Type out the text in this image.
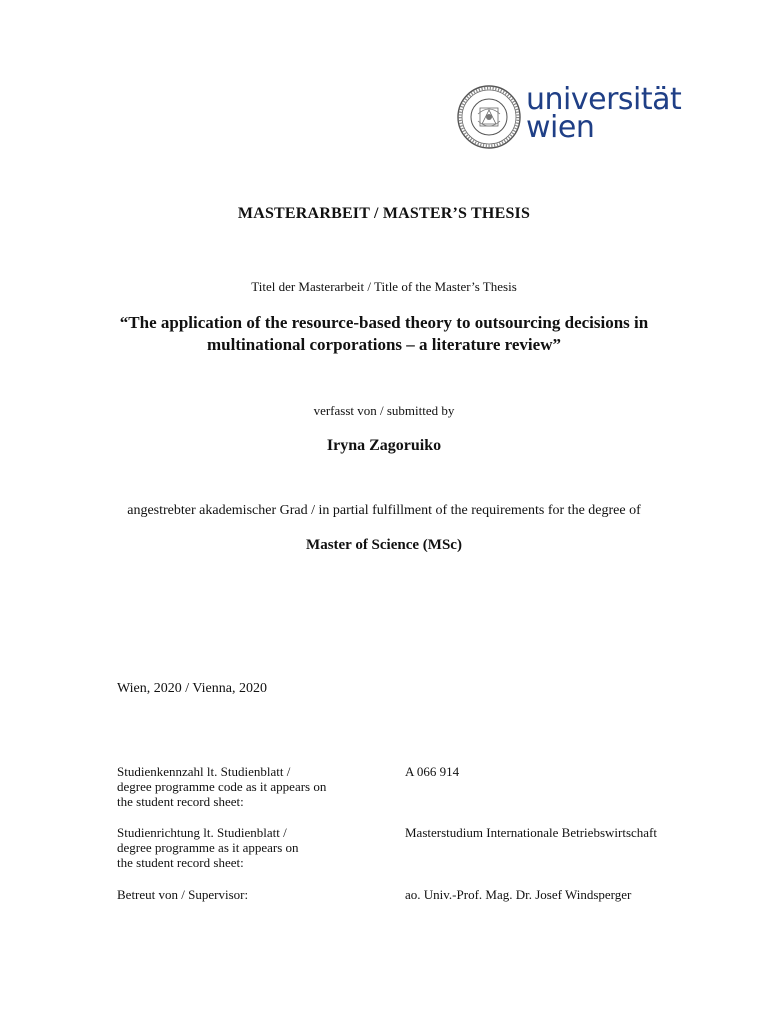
universität
wien
MASTERARBEIT / MASTER’S THESIS
Titel der Masterarbeit / Title of the Master’s Thesis
“The application of the resource-based theory to outsourcing decisions in
multinational corporations – a literature review”
verfasst von / submitted by
Iryna Zagoruiko
angestrebter akademischer Grad / in partial fulfillment of the requirements for the degree of
Master of Science (MSc)
Wien, 2020 / Vienna, 2020
Studienkennzahl lt. Studienblatt /
degree programme code as it appears on
the student record sheet:
A 066 914
Studienrichtung lt. Studienblatt /
degree programme as it appears on
the student record sheet:
Masterstudium Internationale Betriebswirtschaft
Betreut von / Supervisor:	ao. Univ.-Prof. Mag. Dr. Josef Windsperger
